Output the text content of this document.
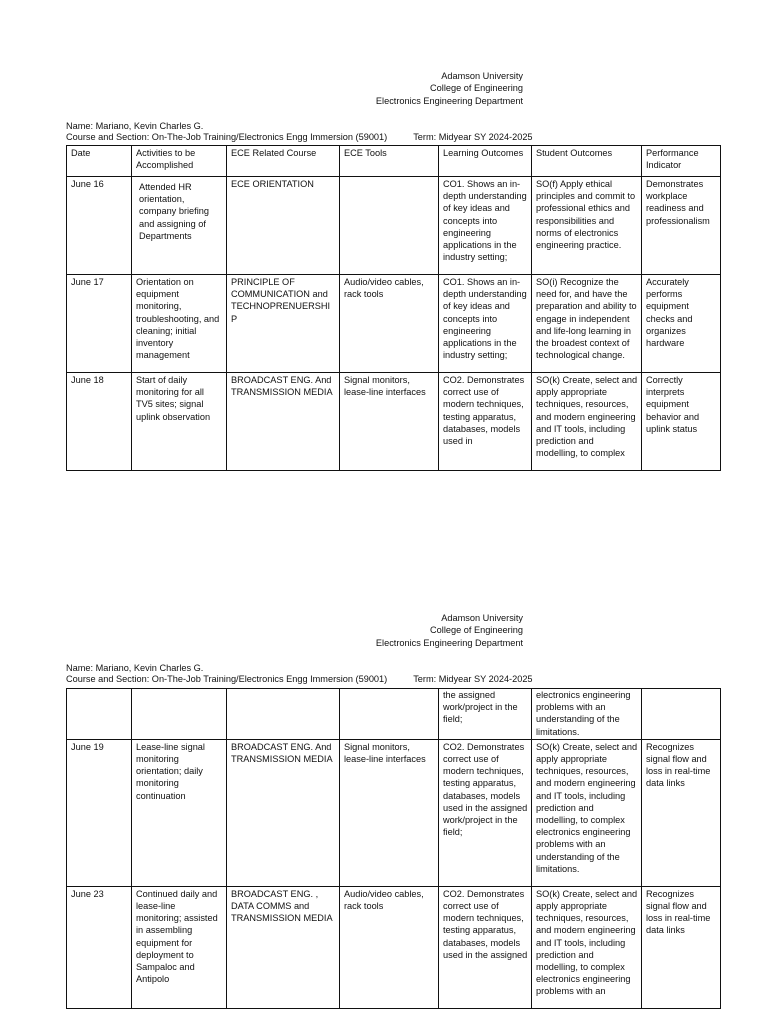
Adamson University
College of Engineering
Electronics Engineering Department
Name: Mariano, Kevin Charles G.
Course and Section: On-The-Job Training/Electronics Engg Immersion (59001)	Term: Midyear SY 2024-2025
Date	Activities to be Accomplished	ECE Related Course	ECE Tools	Learning Outcomes	Student Outcomes	Performance Indicator
June 16	Attended HR orientation, company briefing and assigning of Departments	ECE ORIENTATION		CO1. Shows an in-depth understanding of key ideas and concepts into engineering applications in the industry setting;	SO(f) Apply ethical principles and commit to professional ethics and responsibilities and norms of electronics engineering practice.	Demonstrates workplace readiness and professionalism
June 17	Orientation on equipment monitoring, troubleshooting, and cleaning; initial inventory management	PRINCIPLE OF COMMUNICATION and TECHNOPRENUERSHIP	Audio/video cables, rack tools	CO1. Shows an in-depth understanding of key ideas and concepts into engineering applications in the industry setting;	SO(i) Recognize the need for, and have the preparation and ability to engage in independent and life-long learning in the broadest context of technological change.	Accurately performs equipment checks and organizes hardware
June 18	Start of daily monitoring for all TV5 sites; signal uplink observation	BROADCAST ENG. And TRANSMISSION MEDIA	Signal monitors, lease-line interfaces	CO2. Demonstrates correct use of modern techniques, testing apparatus, databases, models used in	SO(k) Create, select and apply appropriate techniques, resources, and modern engineering and IT tools, including prediction and modelling, to complex	Correctly interprets equipment behavior and uplink status
Adamson University
College of Engineering
Electronics Engineering Department
Name: Mariano, Kevin Charles G.
Course and Section: On-The-Job Training/Electronics Engg Immersion (59001)	Term: Midyear SY 2024-2025
				the assigned work/project in the field;	electronics engineering problems with an understanding of the limitations.	
June 19	Lease-line signal monitoring orientation; daily monitoring continuation	BROADCAST ENG. And TRANSMISSION MEDIA	Signal monitors, lease-line interfaces	CO2. Demonstrates correct use of modern techniques, testing apparatus, databases, models used in the assigned work/project in the field;	SO(k) Create, select and apply appropriate techniques, resources, and modern engineering and IT tools, including prediction and modelling, to complex electronics engineering problems with an understanding of the limitations.	Recognizes signal flow and loss in real-time data links
June 23	Continued daily and lease-line monitoring; assisted in assembling equipment for deployment to Sampaloc and Antipolo	BROADCAST ENG. , DATA COMMS and TRANSMISSION MEDIA	Audio/video cables, rack tools	CO2. Demonstrates correct use of modern techniques, testing apparatus, databases, models used in the assigned	SO(k) Create, select and apply appropriate techniques, resources, and modern engineering and IT tools, including prediction and modelling, to complex electronics engineering problems with an	Recognizes signal flow and loss in real-time data links
